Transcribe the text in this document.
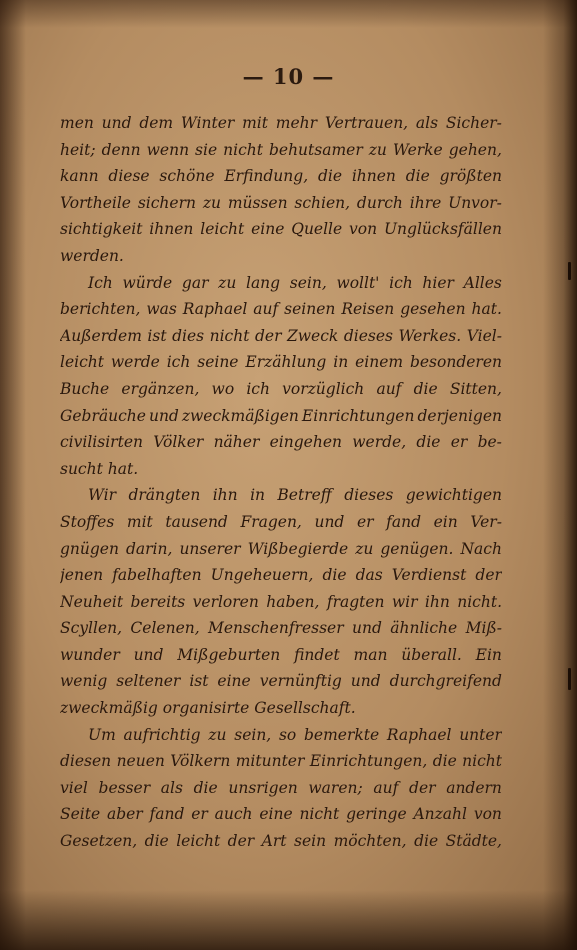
— 10 —
men und dem Winter mit mehr Vertrauen, als Sicher-
heit; denn wenn sie nicht behutsamer zu Werke gehen,
kann diese schöne Erfindung, die ihnen die größten
Vortheile sichern zu müssen schien, durch ihre Unvor-
sichtigkeit ihnen leicht eine Quelle von Unglücksfällen
werden.
Ich würde gar zu lang sein, wollt' ich hier Alles
berichten, was Raphael auf seinen Reisen gesehen hat.
Außerdem ist dies nicht der Zweck dieses Werkes. Viel-
leicht werde ich seine Erzählung in einem besonderen
Buche ergänzen, wo ich vorzüglich auf die Sitten,
Gebräuche und zweckmäßigen Einrichtungen derjenigen
civilisirten Völker näher eingehen werde, die er be-
sucht hat.
Wir drängten ihn in Betreff dieses gewichtigen
Stoffes mit tausend Fragen, und er fand ein Ver-
gnügen darin, unserer Wißbegierde zu genügen. Nach
jenen fabelhaften Ungeheuern, die das Verdienst der
Neuheit bereits verloren haben, fragten wir ihn nicht.
Scyllen, Celenen, Menschenfresser und ähnliche Miß-
wunder und Mißgeburten findet man überall. Ein
wenig seltener ist eine vernünftig und durchgreifend
zweckmäßig organisirte Gesellschaft.
Um aufrichtig zu sein, so bemerkte Raphael unter
diesen neuen Völkern mitunter Einrichtungen, die nicht
viel besser als die unsrigen waren; auf der andern
Seite aber fand er auch eine nicht geringe Anzahl von
Gesetzen, die leicht der Art sein möchten, die Städte,
